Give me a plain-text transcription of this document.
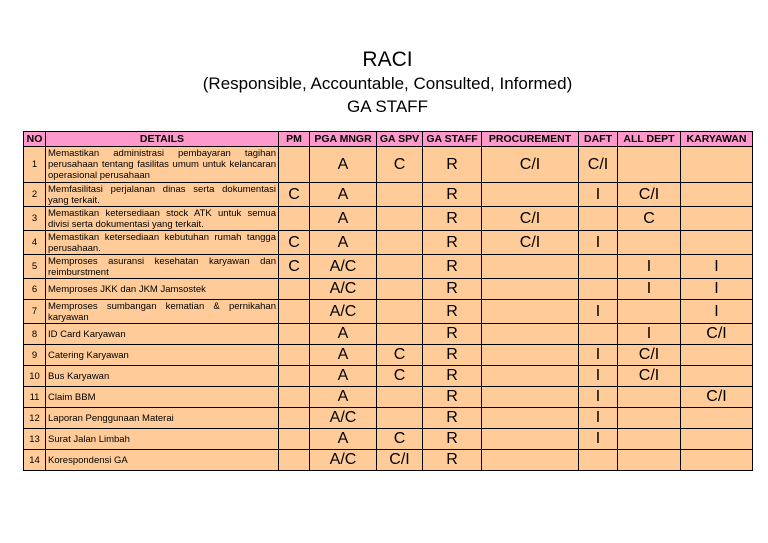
RACI
(Responsible, Accountable, Consulted, Informed)
GA STAFF
NO	DETAILS	PM	PGA MNGR	GA SPV	GA STAFF	PROCUREMENT	DAFT	ALL DEPT	KARYAWAN
1	Memastikan administrasi pembayaran tagihan perusahaan tentang fasilitas umum untuk kelancaran operasional perusahaan		A	C	R	C/I	C/I		
2	Memfasilitasi perjalanan dinas serta dokumentasi yang terkait.	C	A		R		I	C/I	
3	Memastikan ketersediaan stock ATK untuk semua divisi serta dokumentasi yang terkait.		A		R	C/I		C	
4	Memastikan ketersediaan kebutuhan rumah tangga perusahaan.	C	A		R	C/I	I		
5	Memproses asuransi kesehatan karyawan dan reimburstment	C	A/C		R			I	I
6	Memproses JKK dan JKM Jamsostek		A/C		R			I	I
7	Memproses sumbangan kematian & pernikahan karyawan		A/C		R		I		I
8	ID Card Karyawan		A		R			I	C/I
9	Catering Karyawan		A	C	R		I	C/I	
10	Bus Karyawan		A	C	R		I	C/I	
11	Claim BBM		A		R		I		C/I
12	Laporan Penggunaan Materai		A/C		R		I		
13	Surat Jalan Limbah		A	C	R		I		
14	Korespondensi GA		A/C	C/I	R				
